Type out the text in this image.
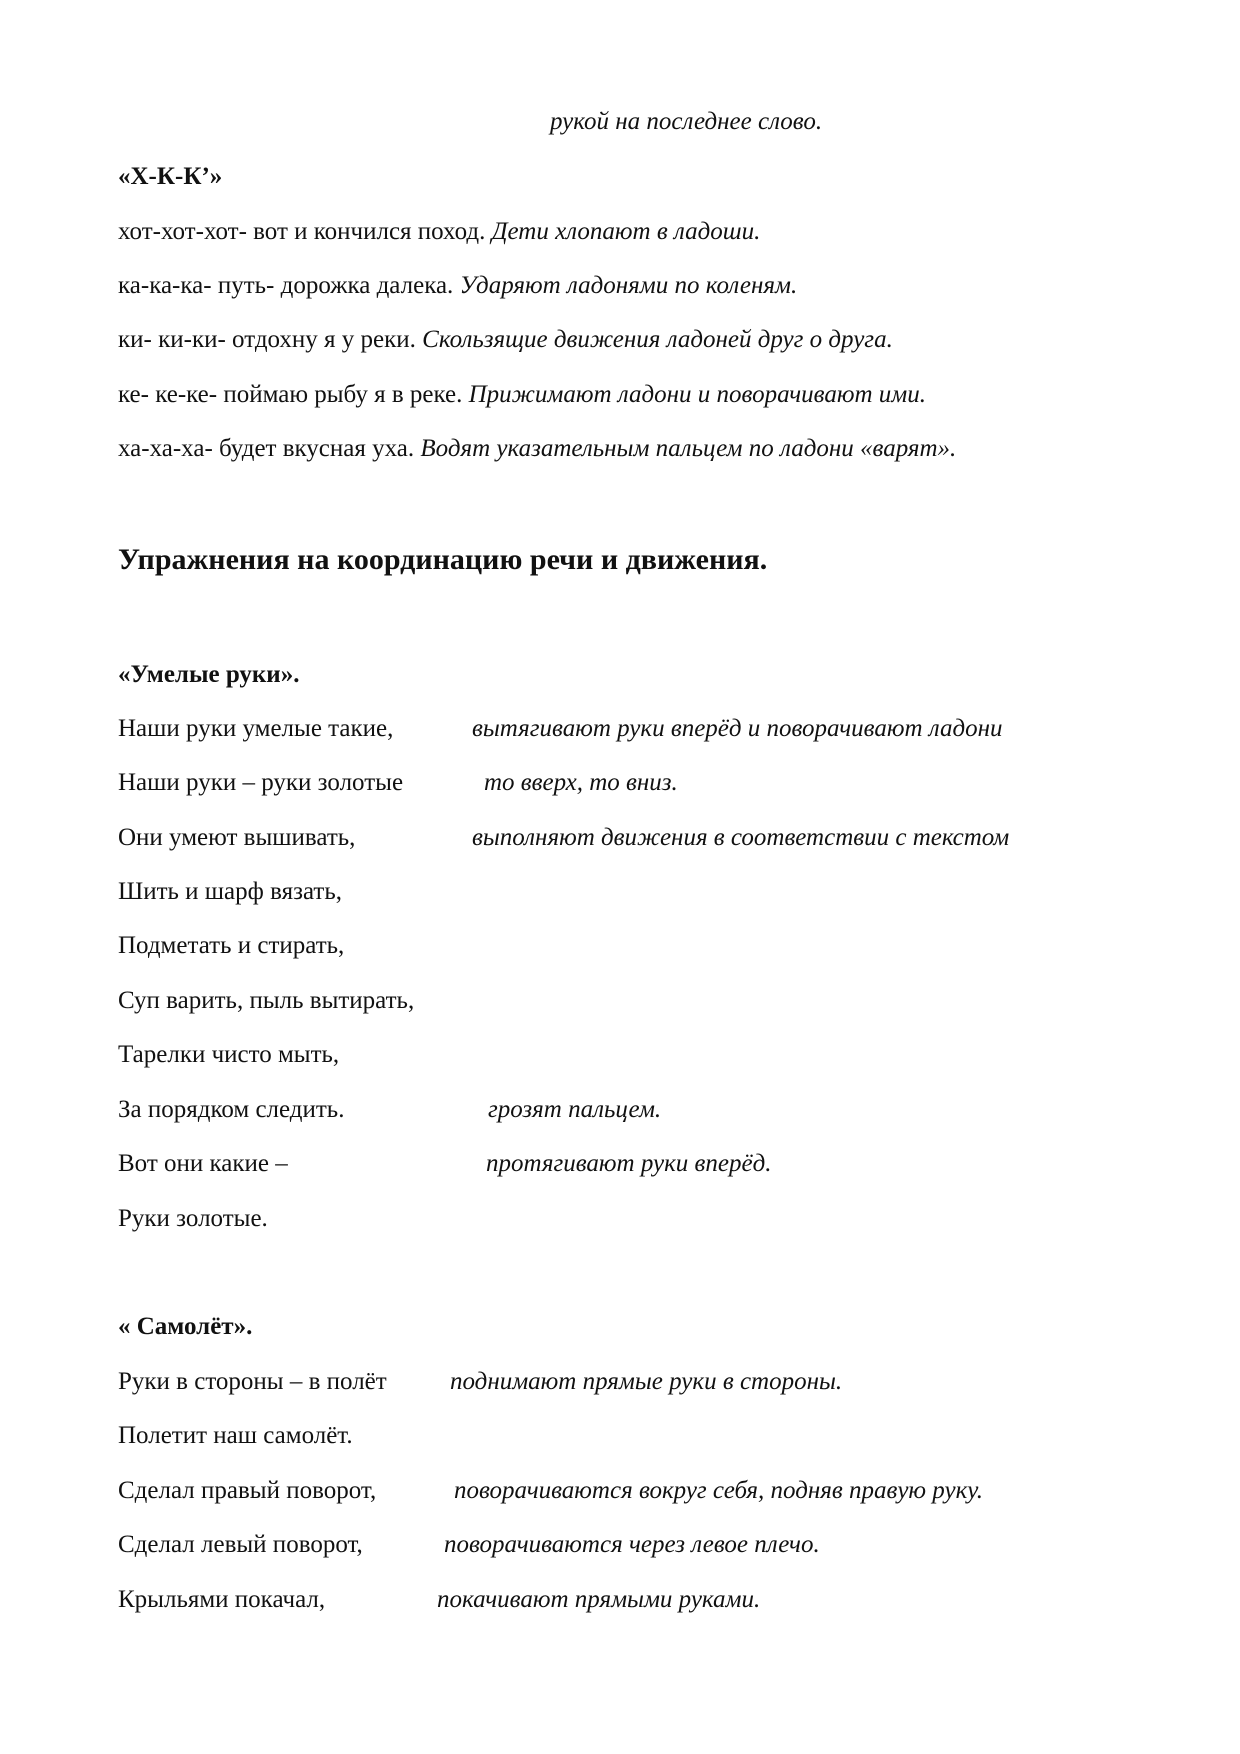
рукой на последнее слово.
«Х-К-К’»
хот-хот-хот- вот и кончился поход. Дети хлопают в ладоши.
ка-ка-ка- путь- дорожка далека. Ударяют ладонями по коленям.
ки- ки-ки- отдохну я у реки. Скользящие движения ладоней друг о друга.
ке- ке-ке- поймаю рыбу я в реке. Прижимают ладони и поворачивают ими.
ха-ха-ха- будет вкусная уха. Водят указательным пальцем по ладони «варят».
Упражнения на координацию речи и движения.
«Умелые руки».
Наши руки умелые такие,	вытягивают руки вперёд и поворачивают ладони
Наши руки – руки золотые	то вверх, то вниз.
Они умеют вышивать,	выполняют движения в соответствии с текстом
Шить и шарф вязать,
Подметать и стирать,
Суп варить, пыль вытирать,
Тарелки чисто мыть,
За порядком следить.	грозят пальцем.
Вот они какие –	протягивают руки вперёд.
Руки золотые.
« Самолёт».
Руки в стороны – в полёт	поднимают прямые руки в стороны.
Полетит наш самолёт.
Сделал правый поворот,	поворачиваются вокруг себя, подняв правую руку.
Сделал левый поворот,	поворачиваются через левое плечо.
Крыльями покачал,	покачивают прямыми руками.
